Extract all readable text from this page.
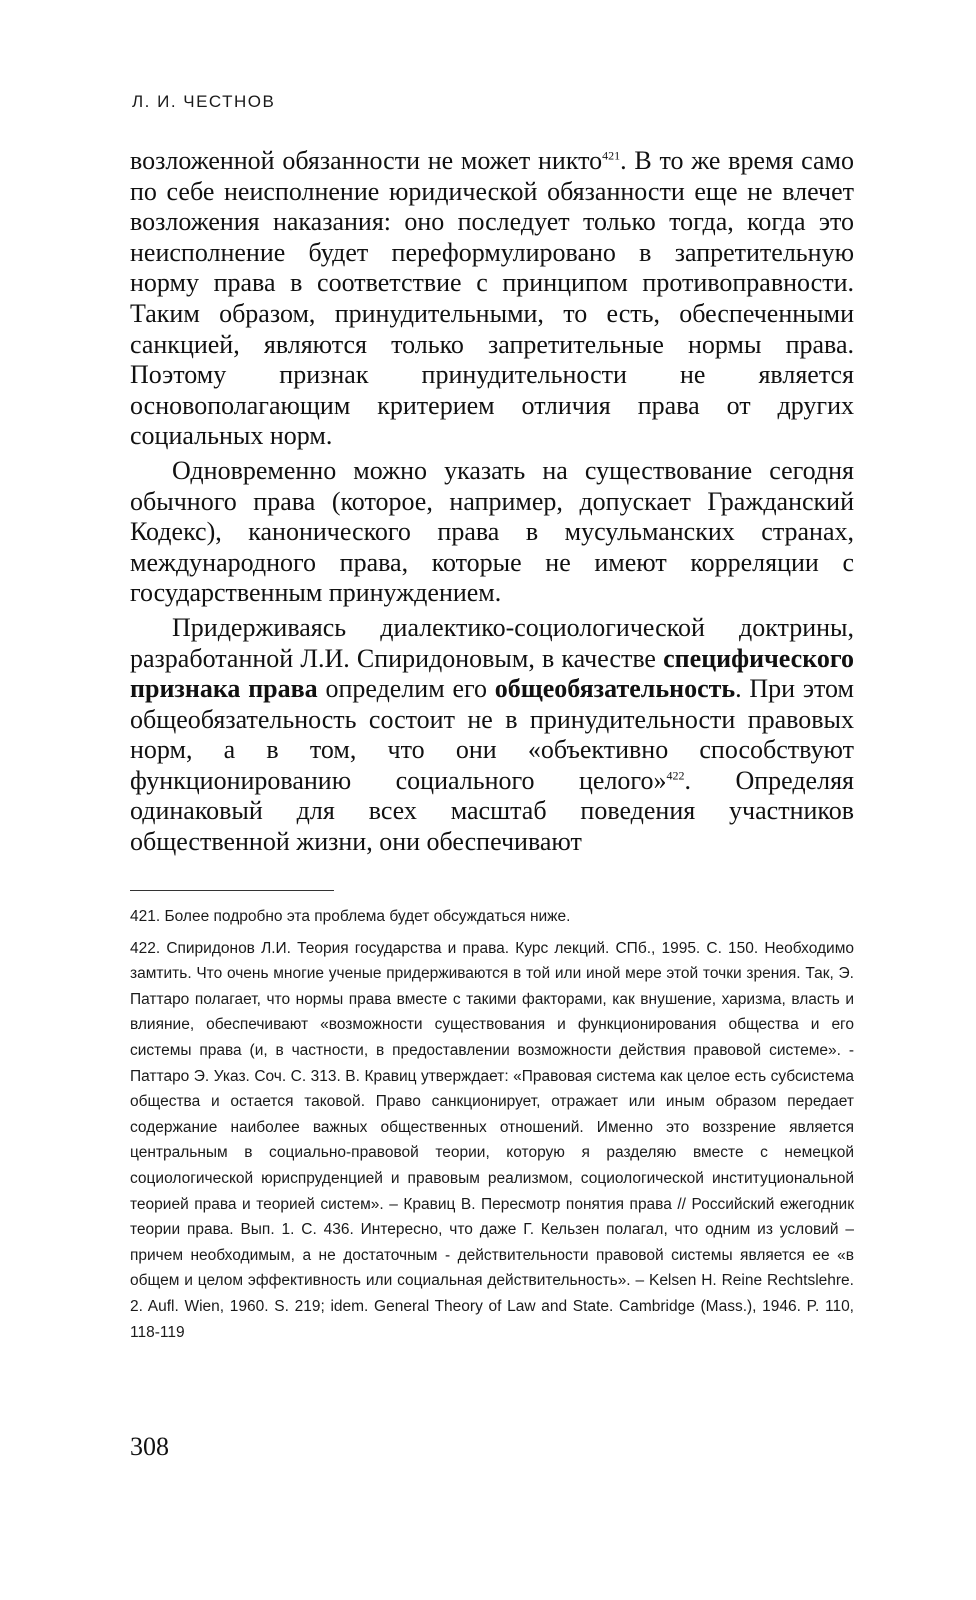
Л. И. ЧЕСТНОВ

возложенной обязанности не может никто$^{421}$. В то же время само по себе неисполнение юридической обязанности еще не влечет возложения наказания: оно последует только тогда, когда это неисполнение будет переформулировано в запретительную норму права в соответствие с принципом противоправности. Таким образом, принудительными, то есть, обеспеченными санкцией, являются только запретительные нормы права. Поэтому признак принудительности не является основополагающим критерием отличия права от других социальных норм.

Одновременно можно указать на существование сегодня обычного права (которое, например, допускает Гражданский Кодекс), канонического права в мусульманских странах, международного права, которые не имеют корреляции с государственным принуждением.

Придерживаясь диалектико-социологической доктрины, разработанной Л.И. Спиридоновым, в качестве специфического признака права определим его общеобязательность. При этом общеобязательность состоит не в принудительности правовых норм, а в том, что они «объективно способствуют функционированию социального целого»$^{422}$. Определяя одинаковый для всех масштаб поведения участников общественной жизни, они обеспечивают

421. Более подробно эта проблема будет обсуждаться ниже.

422. Спиридонов Л.И. Теория государства и права. Курс лекций. СПб., 1995. С. 150. Необходимо замтить. Что очень многие ученые придерживаются в той или иной мере этой точки зрения. Так, Э. Паттаро полагает, что нормы права вместе с такими факторами, как внушение, харизма, власть и влияние, обеспечивают «возможности существования и функционирования общества и его системы права (и, в частности, в предоставлении возможности действия правовой системе». - Паттаро Э. Указ. Соч. С. 313. В. Кравиц утверждает: «Правовая система как целое есть субсистема общества и остается таковой. Право санкционирует, отражает или иным образом передает содержание наиболее важных общественных отношений. Именно это воззрение является центральным в социально-правовой теории, которую я разделяю вместе с немецкой социологической юриспруденцией и правовым реализмом, социологической институциональной теорией права и теорией систем». – Кравиц В. Пересмотр понятия права // Российский ежегодник теории права. Вып. 1. С. 436. Интересно, что даже Г. Кельзен полагал, что одним из условий – причем необходимым, а не достаточным - действительности правовой системы является ее «в общем и целом эффективность или социальная действительность». – Kelsen H. Reine Rechtslehre. 2. Aufl. Wien, 1960. S. 219; idem. General Theory of Law and State. Cambridge (Mass.), 1946. P. 110, 118-119

308
